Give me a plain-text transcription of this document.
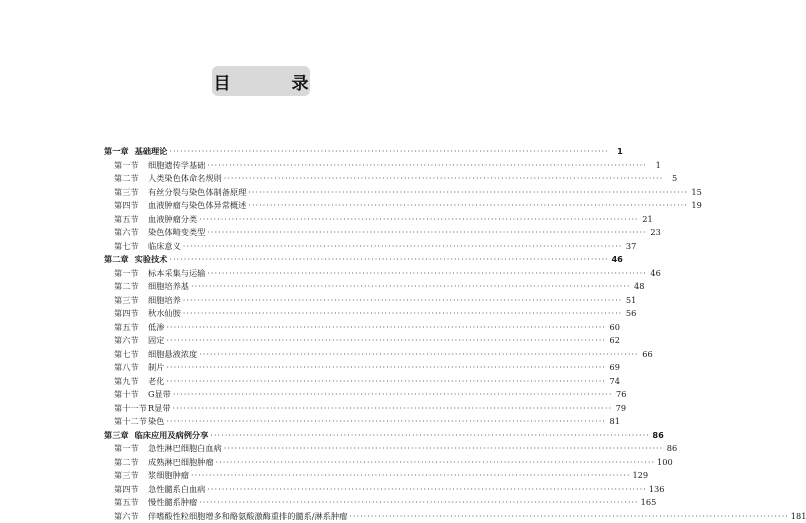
目　录
第一章 基础理论 ··························································································································	1
第一节	细胞遗传学基础 ··························································································································	1
第二节	人类染色体命名规则 ··························································································································	5
第三节	有丝分裂与染色体制备原理 ·························································································································· 15
第四节	血液肿瘤与染色体异常概述 ·························································································································· 19
第五节	血液肿瘤分类 ·························································································································· 21
第六节	染色体畸变类型 ·························································································································· 23
第七节	临床意义 ·························································································································· 37
第二章 实验技术 ·························································································································· 46
第一节	标本采集与运输 ·························································································································· 46
第二节	细胞培养基 ·························································································································· 48
第三节	细胞培养 ·························································································································· 51
第四节	秋水仙胺 ·························································································································· 56
第五节	低渗 ·························································································································· 60
第六节	固定 ·························································································································· 62
第七节	细胞悬液浓度 ·························································································································· 66
第八节	制片 ·························································································································· 69
第九节	老化 ·························································································································· 74
第十节	G显带 ·························································································································· 76
第十一节 R显带 ·························································································································· 79
第十二节 染色 ·························································································································· 81
第三章 临床应用及病例分享 ·························································································································· 86
第一节	急性淋巴细胞白血病 ·························································································································· 86
第二节	成熟淋巴细胞肿瘤 ·························································································································· 100
第三节	浆细胞肿瘤 ·························································································································· 129
第四节	急性髓系白血病 ·························································································································· 136
第五节	慢性髓系肿瘤 ·························································································································· 165
第六节	伴嗜酸性粒细胞增多和酪氨酸激酶重排的髓系/淋系肿瘤 ·························································································································· 181
